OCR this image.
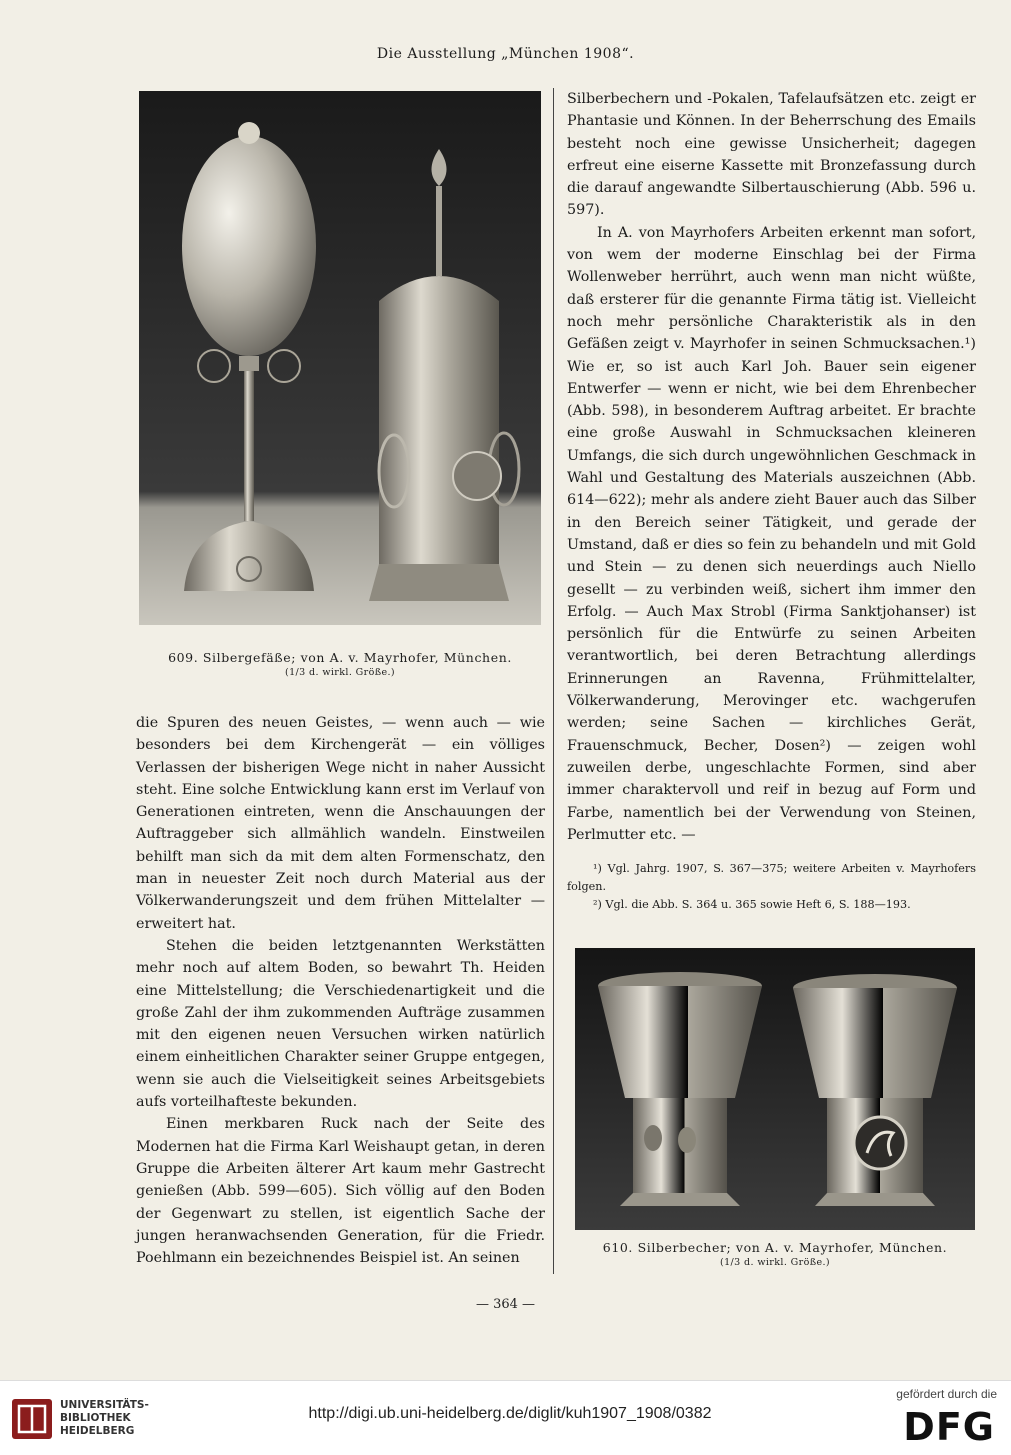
Die Ausstellung „München 1908“.
609. Silbergefäße; von A. v. Mayrhofer, München.
(1/3 d. wirkl. Größe.)

die Spuren des neuen Geistes, — wenn auch — wie besonders bei dem Kirchengerät — ein völliges Verlassen der bisherigen Wege nicht in naher Aussicht steht. Eine solche Entwicklung kann erst im Verlauf von Generationen eintreten, wenn die Anschauungen der Auftraggeber sich allmählich wandeln. Einstweilen behilft man sich da mit dem alten Formenschatz, den man in neuester Zeit noch durch Material aus der Völkerwanderungszeit und dem frühen Mittelalter — erweitert hat.

Stehen die beiden letztgenannten Werkstätten mehr noch auf altem Boden, so bewahrt Th. Heiden eine Mittelstellung; die Verschiedenartigkeit und die große Zahl der ihm zukommenden Aufträge zusammen mit den eigenen neuen Versuchen wirken natürlich einem einheitlichen Charakter seiner Gruppe entgegen, wenn sie auch die Vielseitigkeit seines Arbeitsgebiets aufs vorteilhafteste bekunden.

Einen merkbaren Ruck nach der Seite des Modernen hat die Firma Karl Weishaupt getan, in deren Gruppe die Arbeiten älterer Art kaum mehr Gastrecht genießen (Abb. 599—605). Sich völlig auf den Boden der Gegenwart zu stellen, ist eigentlich Sache der jungen heranwachsenden Generation, für die Friedr. Poehlmann ein bezeichnendes Beispiel ist. An seinen

Silberbechern und -Pokalen, Tafelaufsätzen etc. zeigt er Phantasie und Können. In der Beherrschung des Emails besteht noch eine gewisse Unsicherheit; dagegen erfreut eine eiserne Kassette mit Bronzefassung durch die darauf angewandte Silbertauschierung (Abb. 596 u. 597).

In A. von Mayrhofers Arbeiten erkennt man sofort, von wem der moderne Einschlag bei der Firma Wollenweber herrührt, auch wenn man nicht wüßte, daß ersterer für die genannte Firma tätig ist. Vielleicht noch mehr persönliche Charakteristik als in den Gefäßen zeigt v. Mayrhofer in seinen Schmucksachen.¹) Wie er, so ist auch Karl Joh. Bauer sein eigener Entwerfer — wenn er nicht, wie bei dem Ehrenbecher (Abb. 598), in besonderem Auftrag arbeitet. Er brachte eine große Auswahl in Schmucksachen kleineren Umfangs, die sich durch ungewöhnlichen Geschmack in Wahl und Gestaltung des Materials auszeichnen (Abb. 614—622); mehr als andere zieht Bauer auch das Silber in den Bereich seiner Tätigkeit, und gerade der Umstand, daß er dies so fein zu behandeln und mit Gold und Stein — zu denen sich neuerdings auch Niello gesellt — zu verbinden weiß, sichert ihm immer den Erfolg. — Auch Max Strobl (Firma Sanktjohanser) ist persönlich für die Entwürfe zu seinen Arbeiten verantwortlich, bei deren Betrachtung allerdings Erinnerungen an Ravenna, Frühmittelalter, Völkerwanderung, Merovinger etc. wachgerufen werden; seine Sachen — kirchliches Gerät, Frauenschmuck, Becher, Dosen²) — zeigen wohl zuweilen derbe, ungeschlachte Formen, sind aber immer charaktervoll und reif in bezug auf Form und Farbe, namentlich bei der Verwendung von Steinen, Perlmutter etc. —

¹) Vgl. Jahrg. 1907, S. 367—375; weitere Arbeiten v. Mayrhofers folgen.

²) Vgl. die Abb. S. 364 u. 365 sowie Heft 6, S. 188—193.

610. Silberbecher; von A. v. Mayrhofer, München.
(1/3 d. wirkl. Größe.)
— 364 —
UNIVERSITÄTS-
BIBLIOTHEK
HEIDELBERG
http://digi.ub.uni-heidelberg.de/diglit/kuh1907_1908/0382
gefördert durch die
DFG
